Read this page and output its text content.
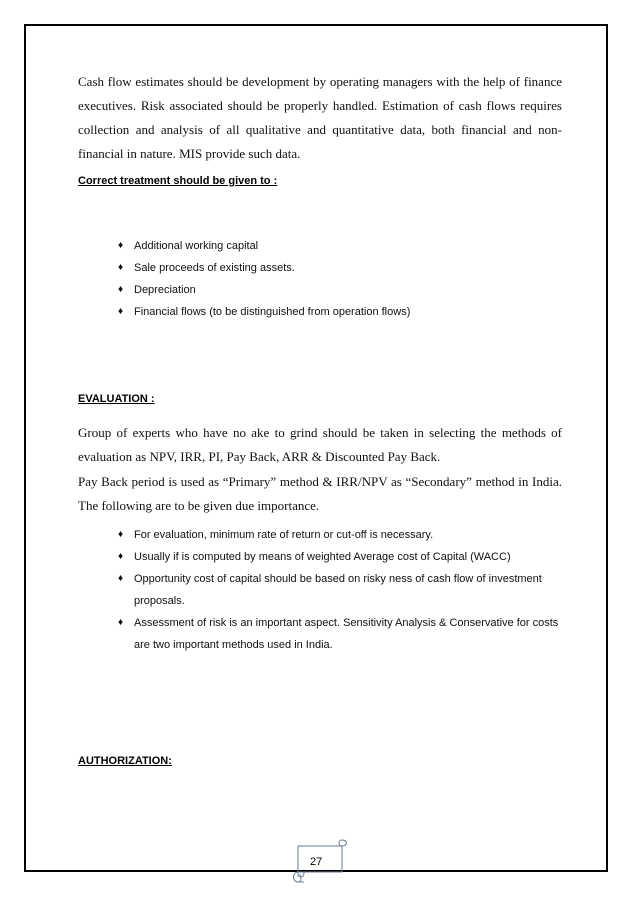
Cash flow estimates should be development by operating managers with the help of finance
executives. Risk associated should be properly handled. Estimation of cash flows requires
collection and analysis of all qualitative and quantitative data, both financial and non-
financial in nature. MIS provide such data.
Correct treatment should be given to :
♦ Additional working capital
♦ Sale proceeds of existing assets.
♦ Depreciation
♦ Financial flows (to be distinguished from operation flows)
EVALUATION :
Group of experts who have no ake to grind should be taken in selecting the methods of
evaluation as NPV, IRR, PI, Pay Back, ARR & Discounted Pay Back.
Pay Back period is used as “Primary” method & IRR/NPV as “Secondary” method in India.
The following are to be given due importance.
♦ For evaluation, minimum rate of return or cut-off is necessary.
♦ Usually if is computed by means of weighted Average cost of Capital (WACC)
♦ Opportunity cost of capital should be based on risky ness of cash flow of investment
proposals.
♦ Assessment of risk is an important aspect. Sensitivity Analysis & Conservative for costs
are two important methods used in India.
AUTHORIZATION:
27
